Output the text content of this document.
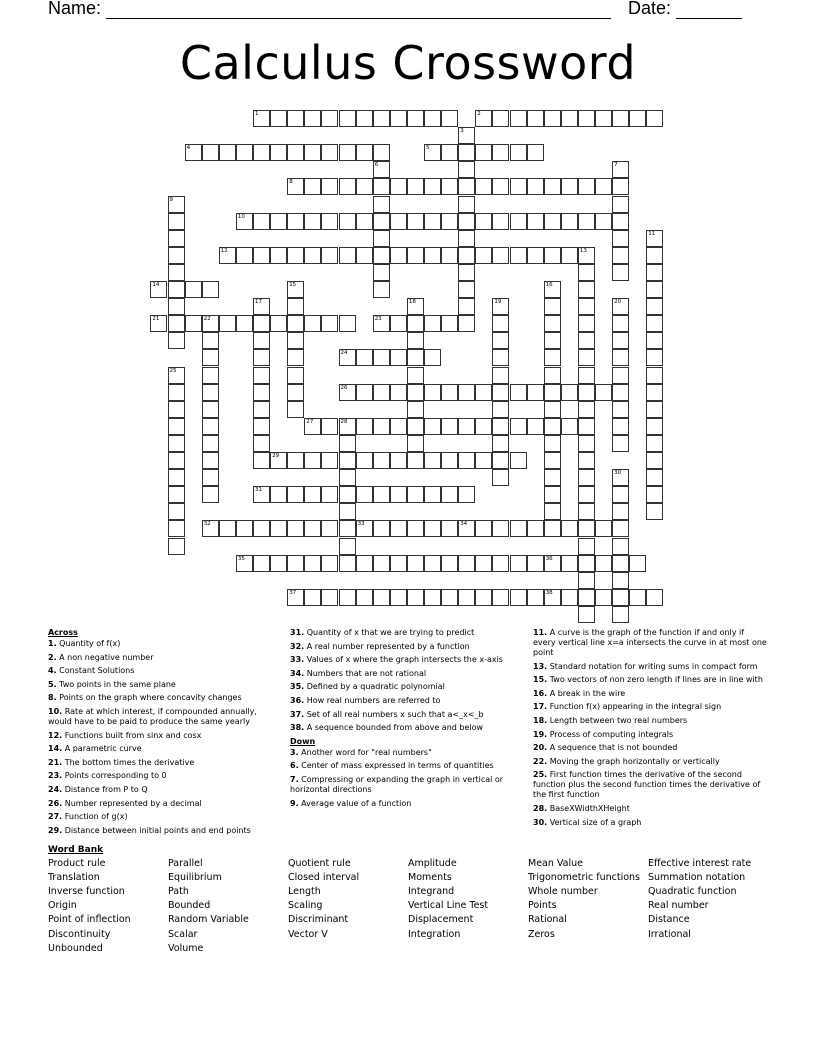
Name:	Date:
Calculus Crossword
1	2
3
4	5
6	7
8
9
10
11
12	13
14	15	16
17	18	19	20
21	22	23
24
25
26
27	28
29
30
31
32	33	34
35	36
37	38
Across
1. Quantity of f(x)
2. A non negative number
4. Constant Solutions
5. Two points in the same plane
8. Points on the graph where concavity changes
10. Rate at which interest, if compounded annually, would have to be paid to produce the same yearly
12. Functions built from sinx and cosx
14. A parametric curve
21. The bottom times the derivative
23. Points corresponding to 0
24. Distance from P to Q
26. Number represented by a decimal
27. Function of g(x)
29. Distance between initial points and end points
31. Quantity of x that we are trying to predict
32. A real number represented by a function
33. Values of x where the graph intersects the x-axis
34. Numbers that are not rational
35. Defined by a quadratic polynomial
36. How real numbers are referred to
37. Set of all real numbers x such that a<_x<_b
38. A sequence bounded from above and below
Down
3. Another word for "real numbers"
6. Center of mass expressed in terms of quantities
7. Compressing or expanding the graph in vertical or horizontal directions
9. Average value of a function
11. A curve is the graph of the function if and only if every vertical line x=a intersects the curve in at most one point
13. Standard notation for writing sums in compact form
15. Two vectors of non zero length if lines are in line with
16. A break in the wire
17. Function f(x) appearing in the integral sign
18. Length between two real numbers
19. Process of computing integrals
20. A sequence that is not bounded
22. Moving the graph horizontally or vertically
25. First function times the derivative of the second function plus the second function times the derivative of the first function
28. BaseXWidthXHeight
30. Vertical size of a graph
Word Bank
Product rule	Parallel	Quotient rule	Amplitude	Mean Value	Effective interest rate
Translation	Equilibrium	Closed interval	Moments	Trigonometric functions Summation notation
Inverse function	Path	Length	Integrand	Whole number	Quadratic function
Origin	Bounded	Scaling	Vertical Line Test	Points	Real number
Point of inflection	Random Variable	Discriminant	Displacement	Rational	Distance
Discontinuity	Scalar	Vector V	Integration	Zeros	Irrational
Unbounded	Volume
